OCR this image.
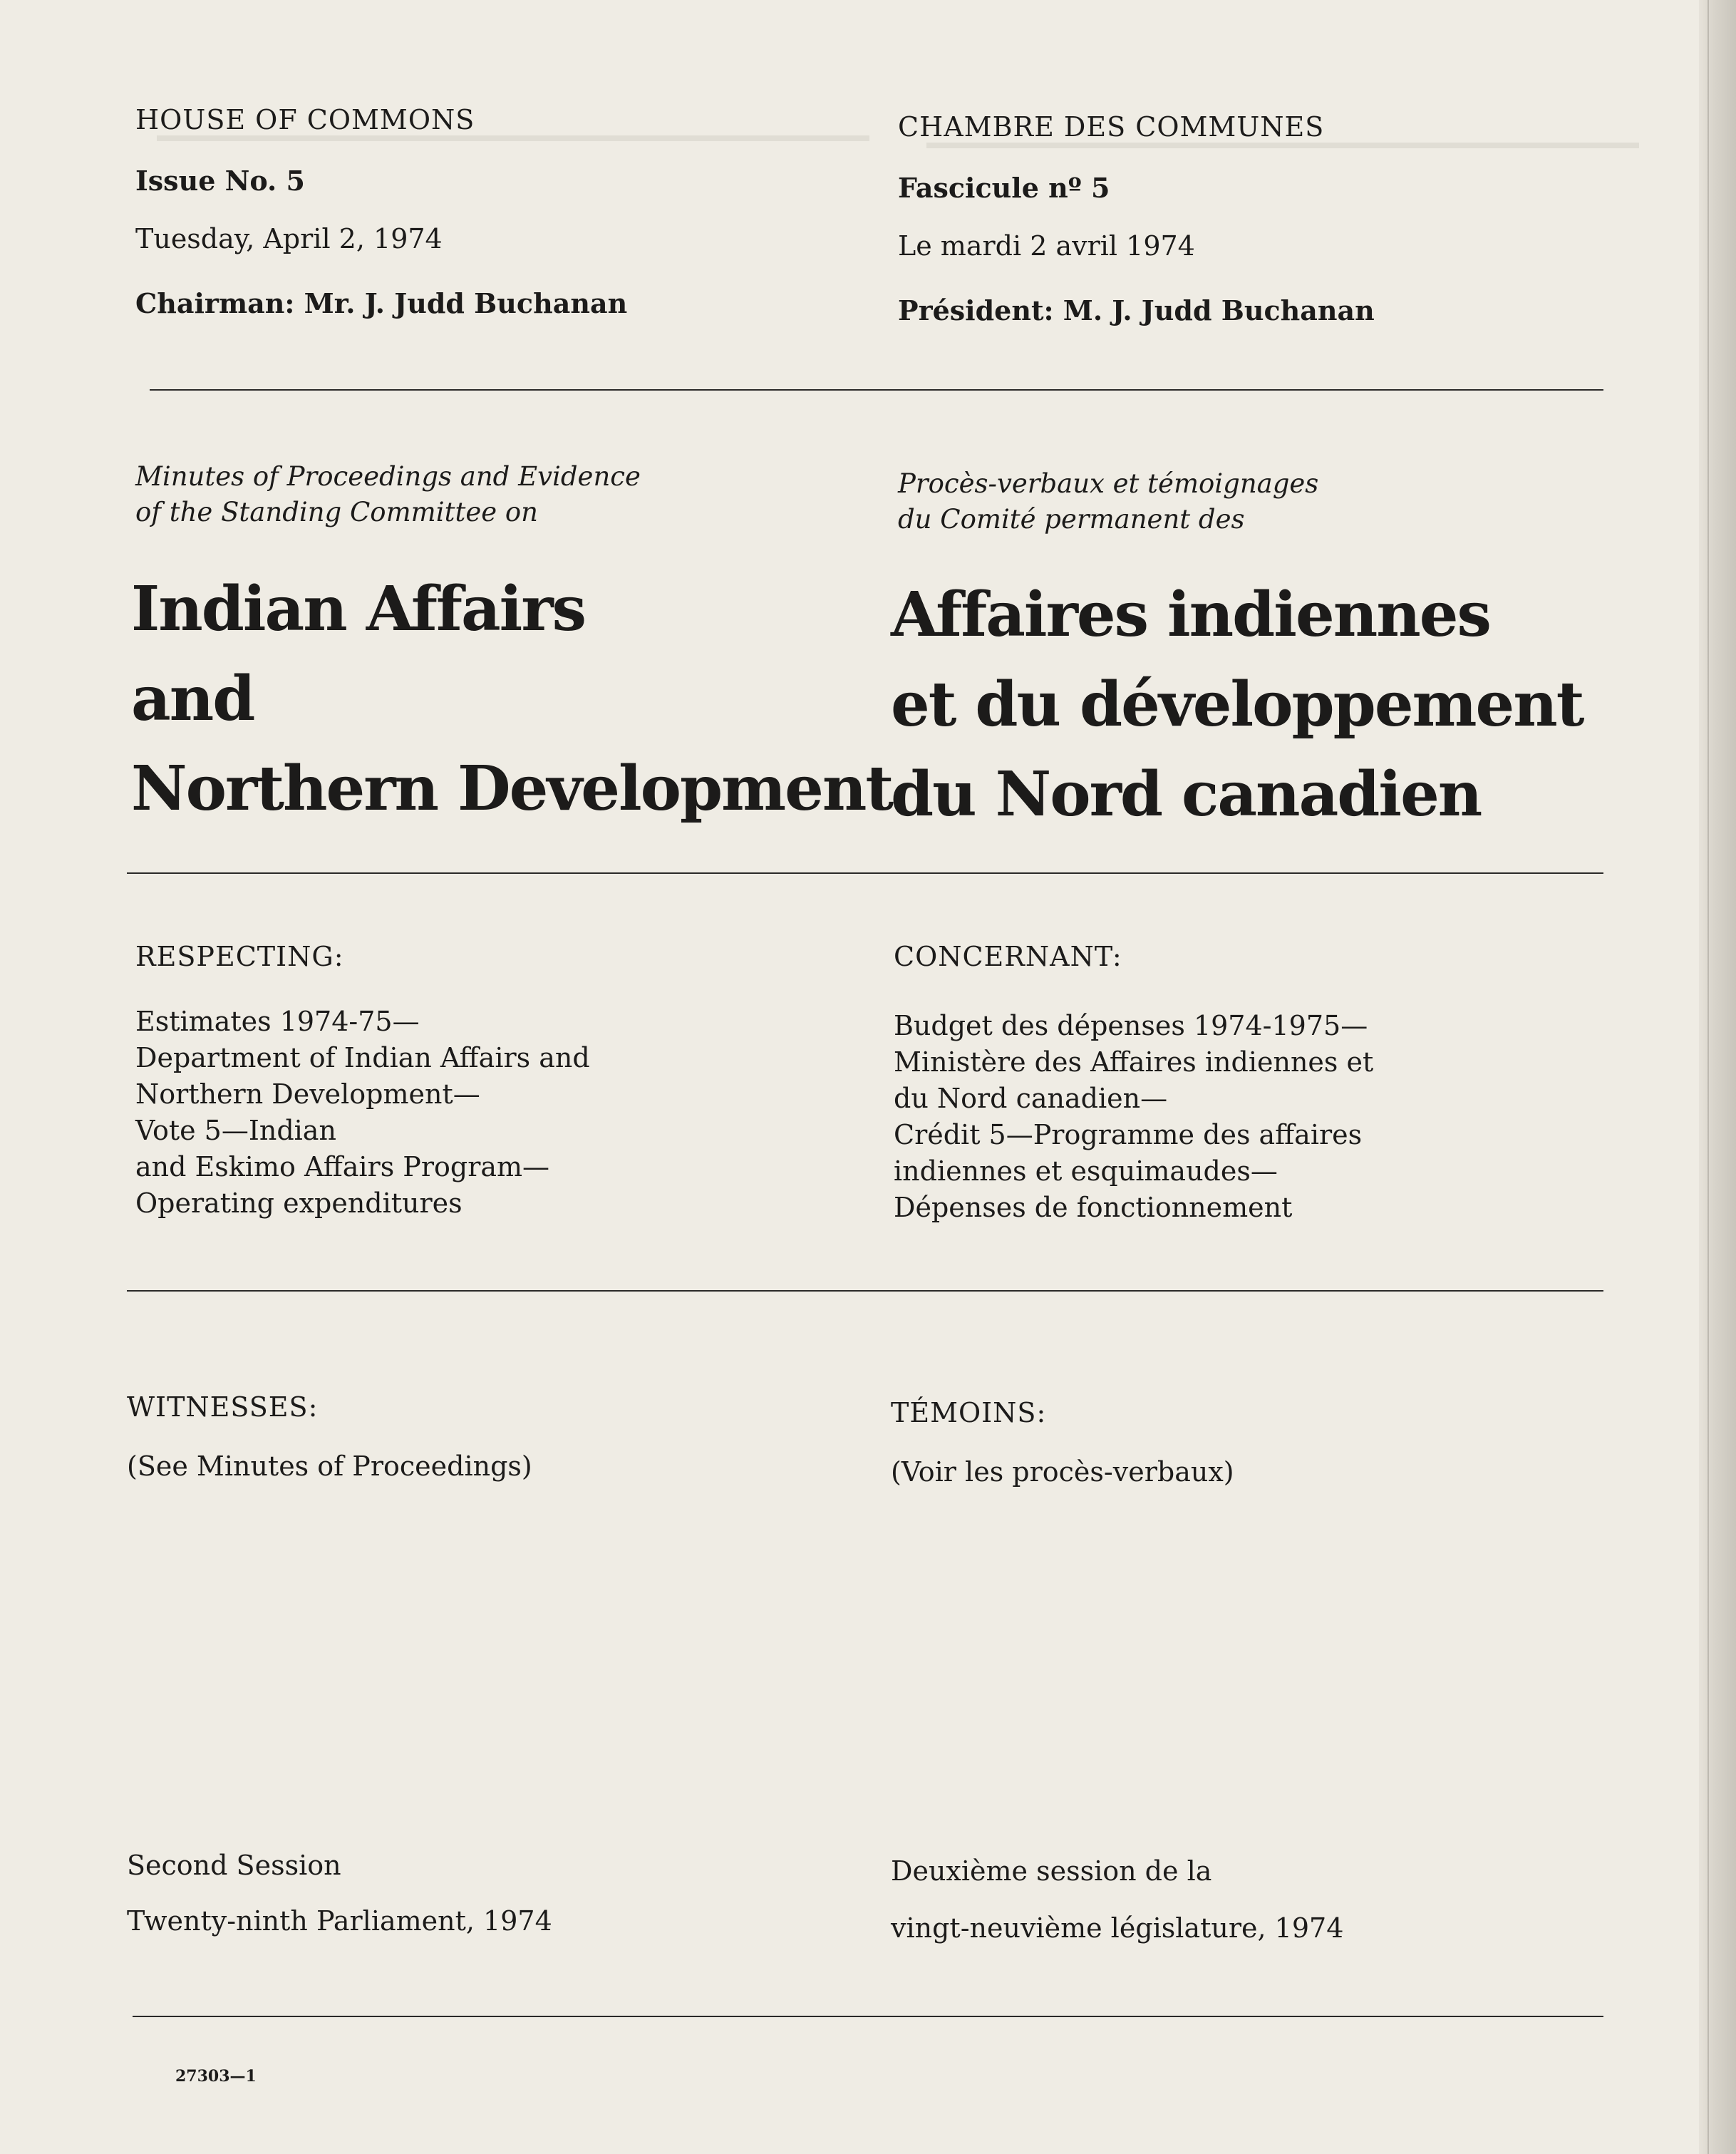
HOUSE OF COMMONS
Issue No. 5
Tuesday, April 2, 1974
Chairman: Mr. J. Judd Buchanan
Minutes of Proceedings and Evidence
of the Standing Committee on
Indian Affairs
and
Northern Development
RESPECTING:
Estimates 1974-75—
Department of Indian Affairs and
Northern Development—
Vote 5—Indian
and Eskimo Affairs Program—
Operating expenditures
WITNESSES:
(See Minutes of Proceedings)
Second Session
Twenty-ninth Parliament, 1974
27303—1
CHAMBRE DES COMMUNES
Fascicule nº 5
Le mardi 2 avril 1974
Président: M. J. Judd Buchanan
Procès-verbaux et témoignages
du Comité permanent des
Affaires indiennes
et du développement
du Nord canadien
CONCERNANT:
Budget des dépenses 1974-1975—
Ministère des Affaires indiennes et
du Nord canadien—
Crédit 5—Programme des affaires
indiennes et esquimaudes—
Dépenses de fonctionnement
TÉMOINS:
(Voir les procès-verbaux)
Deuxième session de la
vingt-neuvième législature, 1974
